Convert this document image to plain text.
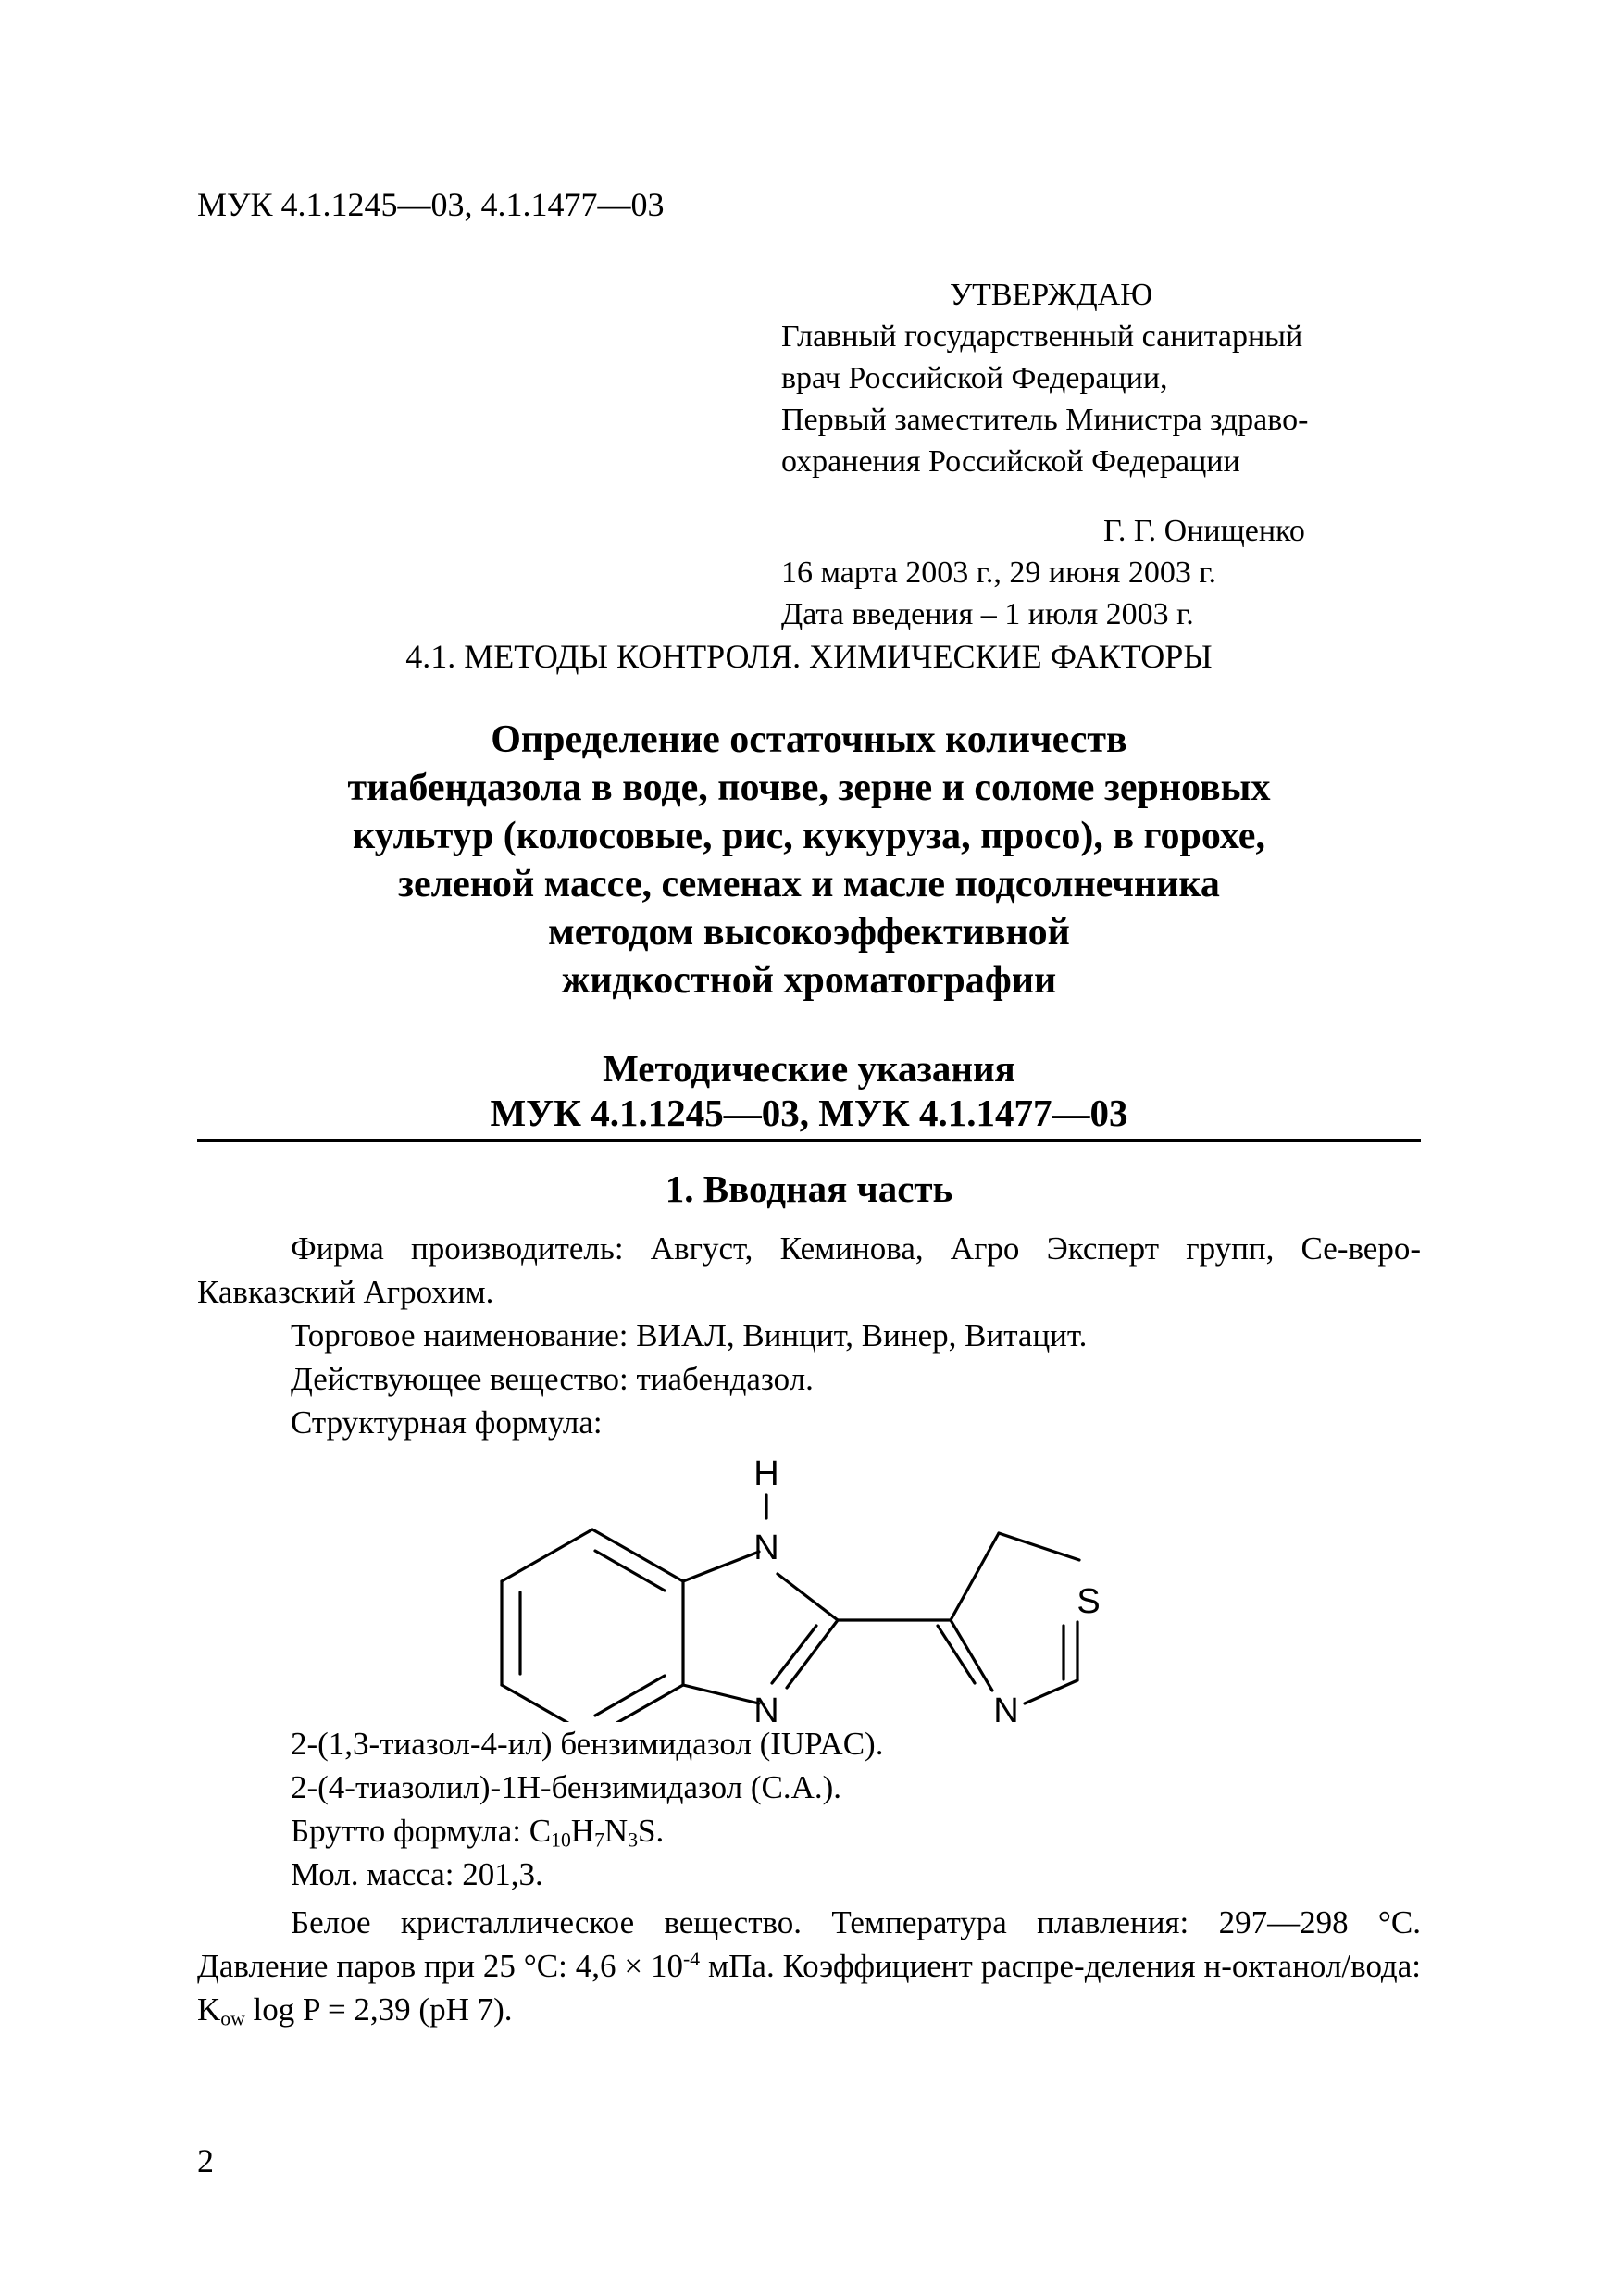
МУК 4.1.1245—03, 4.1.1477—03
УТВЕРЖДАЮ
Главный государственный санитарный
врач Российской Федерации,
Первый заместитель Министра здраво-
охранения Российской Федерации
Г. Г. Онищенко
16 марта 2003 г., 29 июня 2003 г.
Дата введения – 1 июля 2003 г.
4.1. МЕТОДЫ КОНТРОЛЯ. ХИМИЧЕСКИЕ ФАКТОРЫ
Определение остаточных количеств
тиабендазола в воде, почве, зерне и соломе зерновых
культур (колосовые, рис, кукуруза, просо), в горохе,
зеленой массе, семенах и масле подсолнечника
методом высокоэффективной
жидкостной хроматографии
Методические указания
МУК 4.1.1245—03, МУК 4.1.1477—03
1. Вводная часть
Фирма производитель: Август, Кеминова, Агро Эксперт групп, Се-веро-Кавказский Агрохим.
Торговое наименование: ВИАЛ, Винцит, Винер, Витацит.
Действующее вещество: тиабендазол.
Структурная формула:
H
N
N
S
N
2-(1,3-тиазол-4-ил) бензимидазол (IUPAC).
2-(4-тиазолил)-1H-бензимидазол (С.А.).
Брутто формула: $C_{10}H_7N_3S$.
Мол. масса: 201,3.
Белое кристаллическое вещество. Температура плавления: 297—298 °С. Давление паров при 25 °С: $4,6 \times 10^{-4}$ мПа. Коэффициент распре-деления н-октанол/вода: $K_{ow}$ log P = 2,39 (рН 7).
2
